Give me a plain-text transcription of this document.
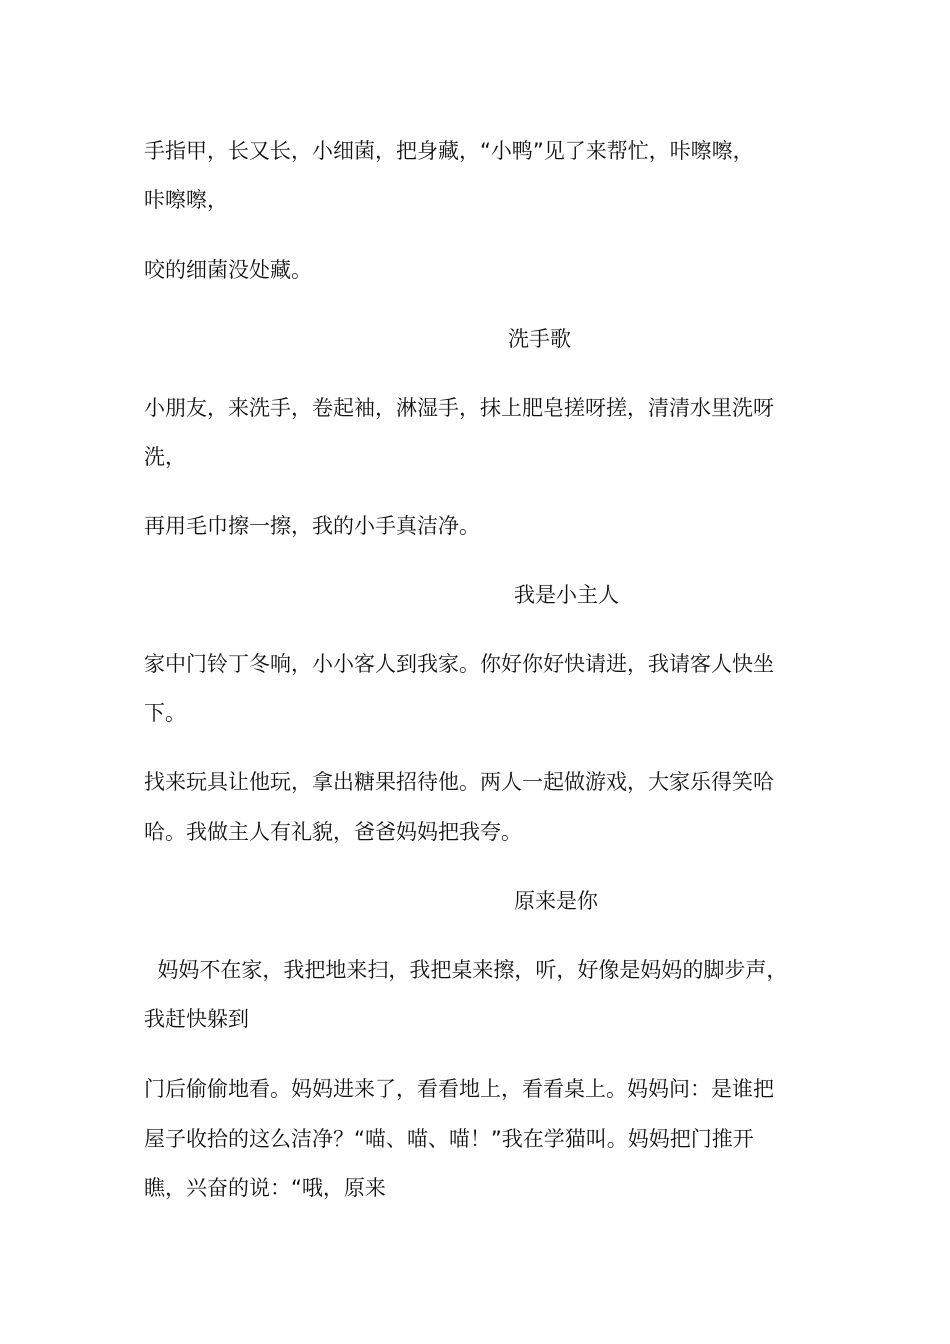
手指甲，长又长，小细菌，把身藏，“小鸭”见了来帮忙，咔嚓嚓，
咔嚓嚓，
咬的细菌没处藏。
洗手歌
小朋友，来洗手，卷起袖，淋湿手，抹上肥皂搓呀搓，清清水里洗呀
洗，
再用毛巾擦一擦，我的小手真洁净。
我是小主人
家中门铃丁冬响，小小客人到我家。你好你好快请进，我请客人快坐
下。
找来玩具让他玩，拿出糖果招待他。两人一起做游戏，大家乐得笑哈
哈。我做主人有礼貌，爸爸妈妈把我夸。
原来是你
妈妈不在家，我把地来扫，我把桌来擦，听，好像是妈妈的脚步声，
我赶快躲到
门后偷偷地看。妈妈进来了，看看地上，看看桌上。妈妈问：是谁把
屋子收拾的这么洁净？“喵、喵、喵！”我在学猫叫。妈妈把门推开
瞧，兴奋的说：“哦，原来
